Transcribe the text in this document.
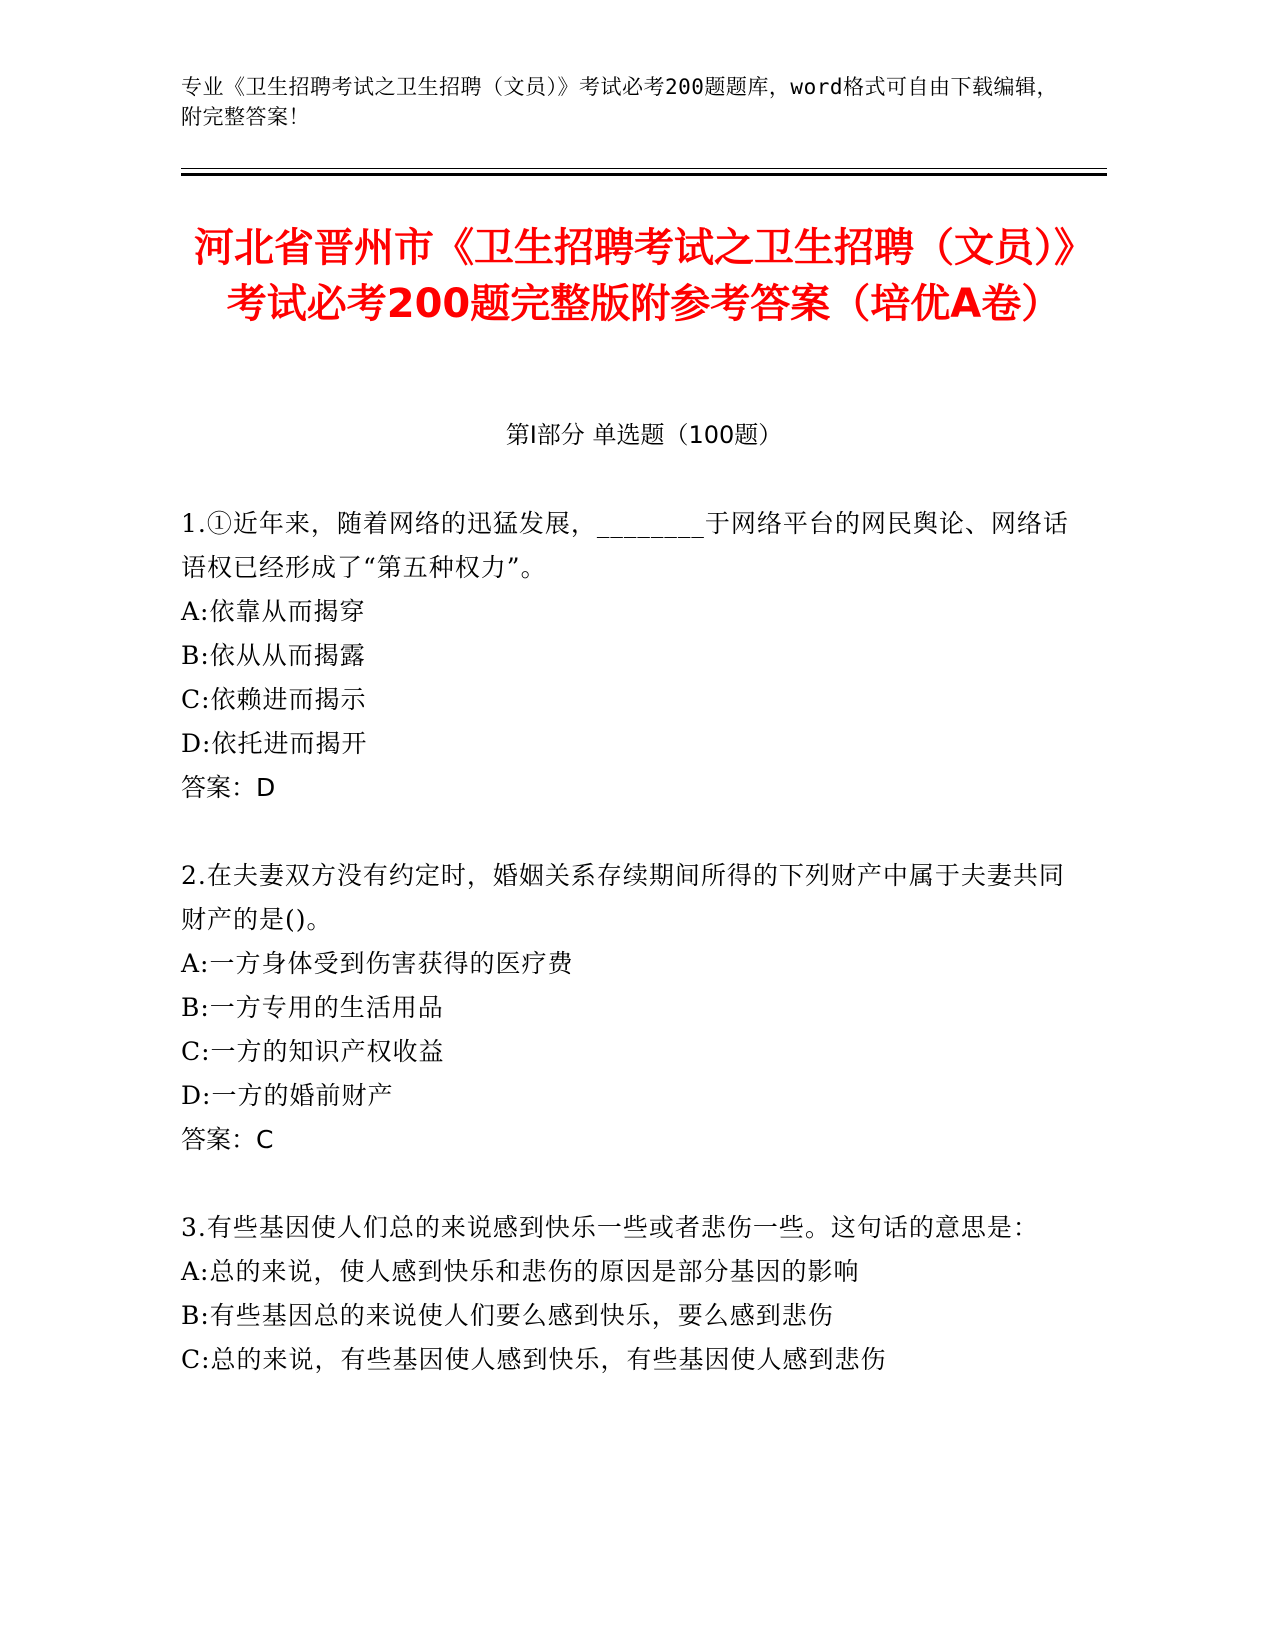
专业《卫生招聘考试之卫生招聘（文员）》考试必考200题题库，word格式可自由下载编辑，附完整答案！
河北省晋州市《卫生招聘考试之卫生招聘（文员）》考试必考200题完整版附参考答案（培优A卷）
第Ⅰ部分 单选题（100题）
1.①近年来，随着网络的迅猛发展，________于网络平台的网民舆论、网络话语权已经形成了“第五种权力”。
A:依靠从而揭穿
B:依从从而揭露
C:依赖进而揭示
D:依托进而揭开
答案：D
2.在夫妻双方没有约定时，婚姻关系存续期间所得的下列财产中属于夫妻共同财产的是()。
A:一方身体受到伤害获得的医疗费
B:一方专用的生活用品
C:一方的知识产权收益
D:一方的婚前财产
答案：C
3.有些基因使人们总的来说感到快乐一些或者悲伤一些。这句话的意思是：
A:总的来说，使人感到快乐和悲伤的原因是部分基因的影响
B:有些基因总的来说使人们要么感到快乐，要么感到悲伤
C:总的来说，有些基因使人感到快乐，有些基因使人感到悲伤
